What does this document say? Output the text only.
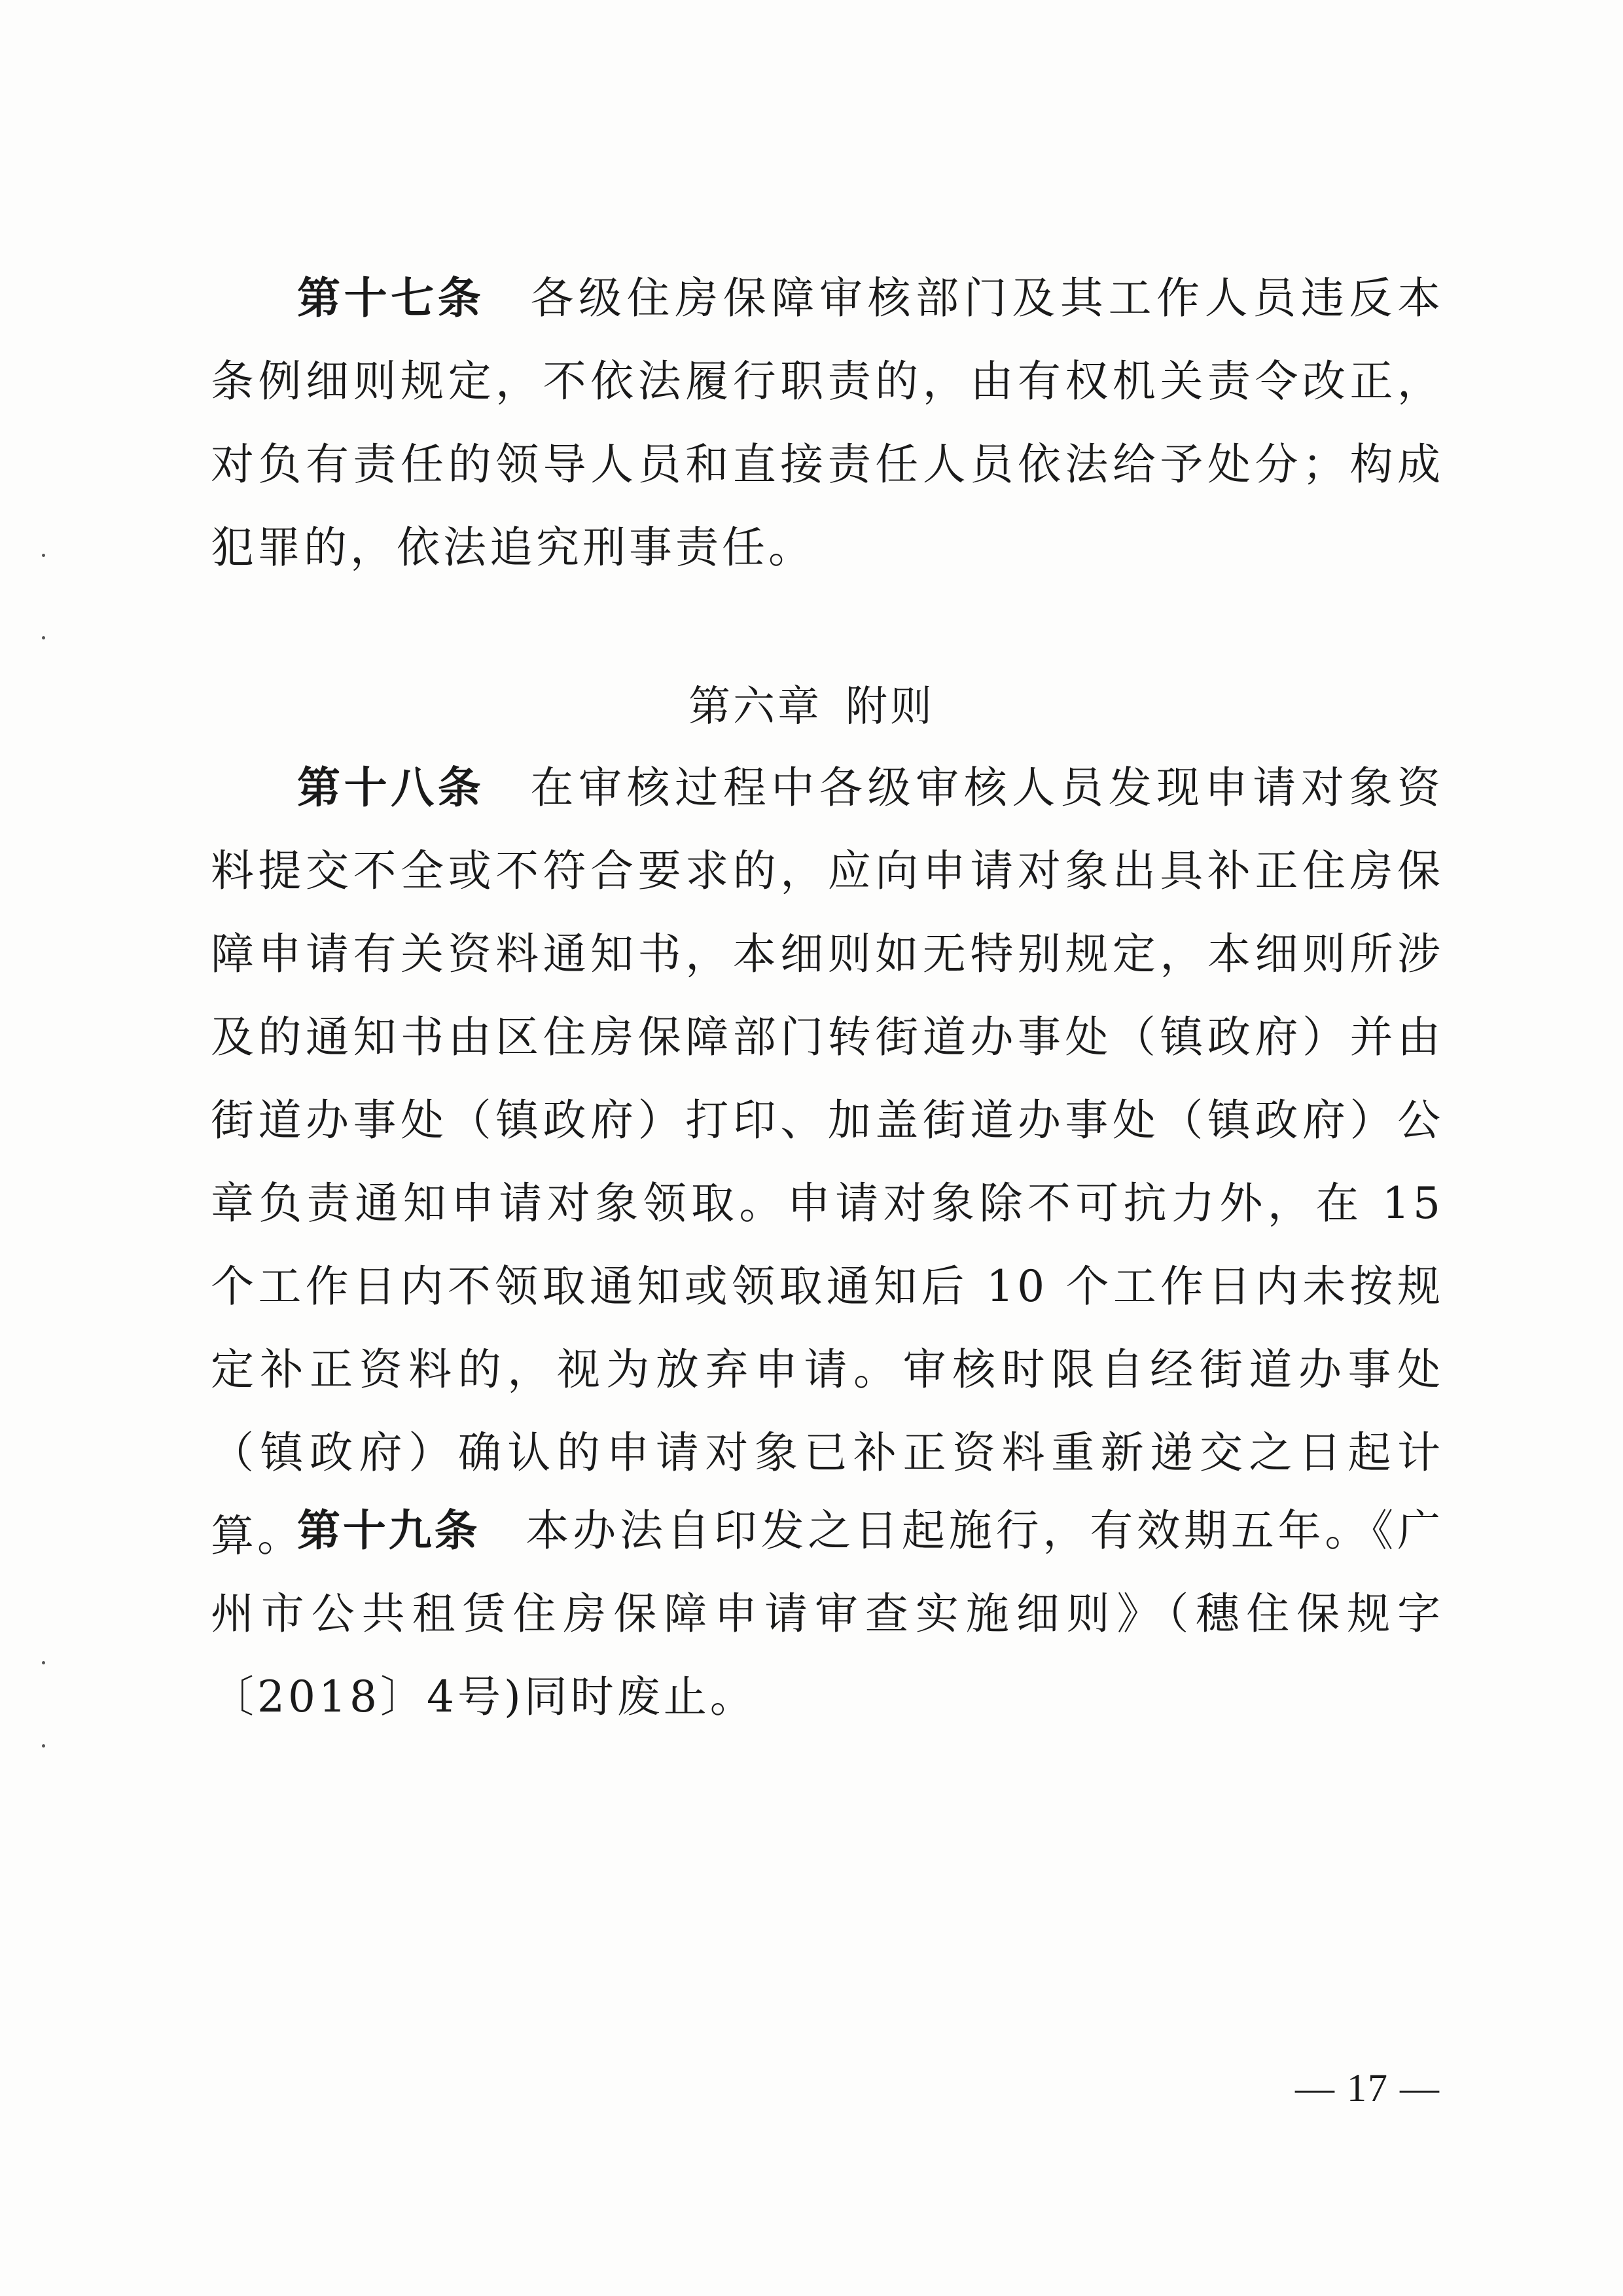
第十七条 各级住房保障审核部门及其工作人员违反本条例细则规定，不依法履行职责的，由有权机关责令改正，对负有责任的领导人员和直接责任人员依法给予处分；构成犯罪的，依法追究刑事责任。

第六章 附则

第十八条 在审核过程中各级审核人员发现申请对象资料提交不全或不符合要求的，应向申请对象出具补正住房保障申请有关资料通知书，本细则如无特别规定，本细则所涉及的通知书由区住房保障部门转街道办事处（镇政府）并由街道办事处（镇政府）打印、加盖街道办事处（镇政府）公章负责通知申请对象领取。申请对象除不可抗力外，在 15 个工作日内不领取通知或领取通知后 10 个工作日内未按规定补正资料的，视为放弃申请。审核时限自经街道办事处（镇政府）确认的申请对象已补正资料重新递交之日起计算。

第十九条 本办法自印发之日起施行，有效期五年。《广州市公共租赁住房保障申请审查实施细则》（穗住保规字〔2018〕4号)同时废止。

— 17 —
